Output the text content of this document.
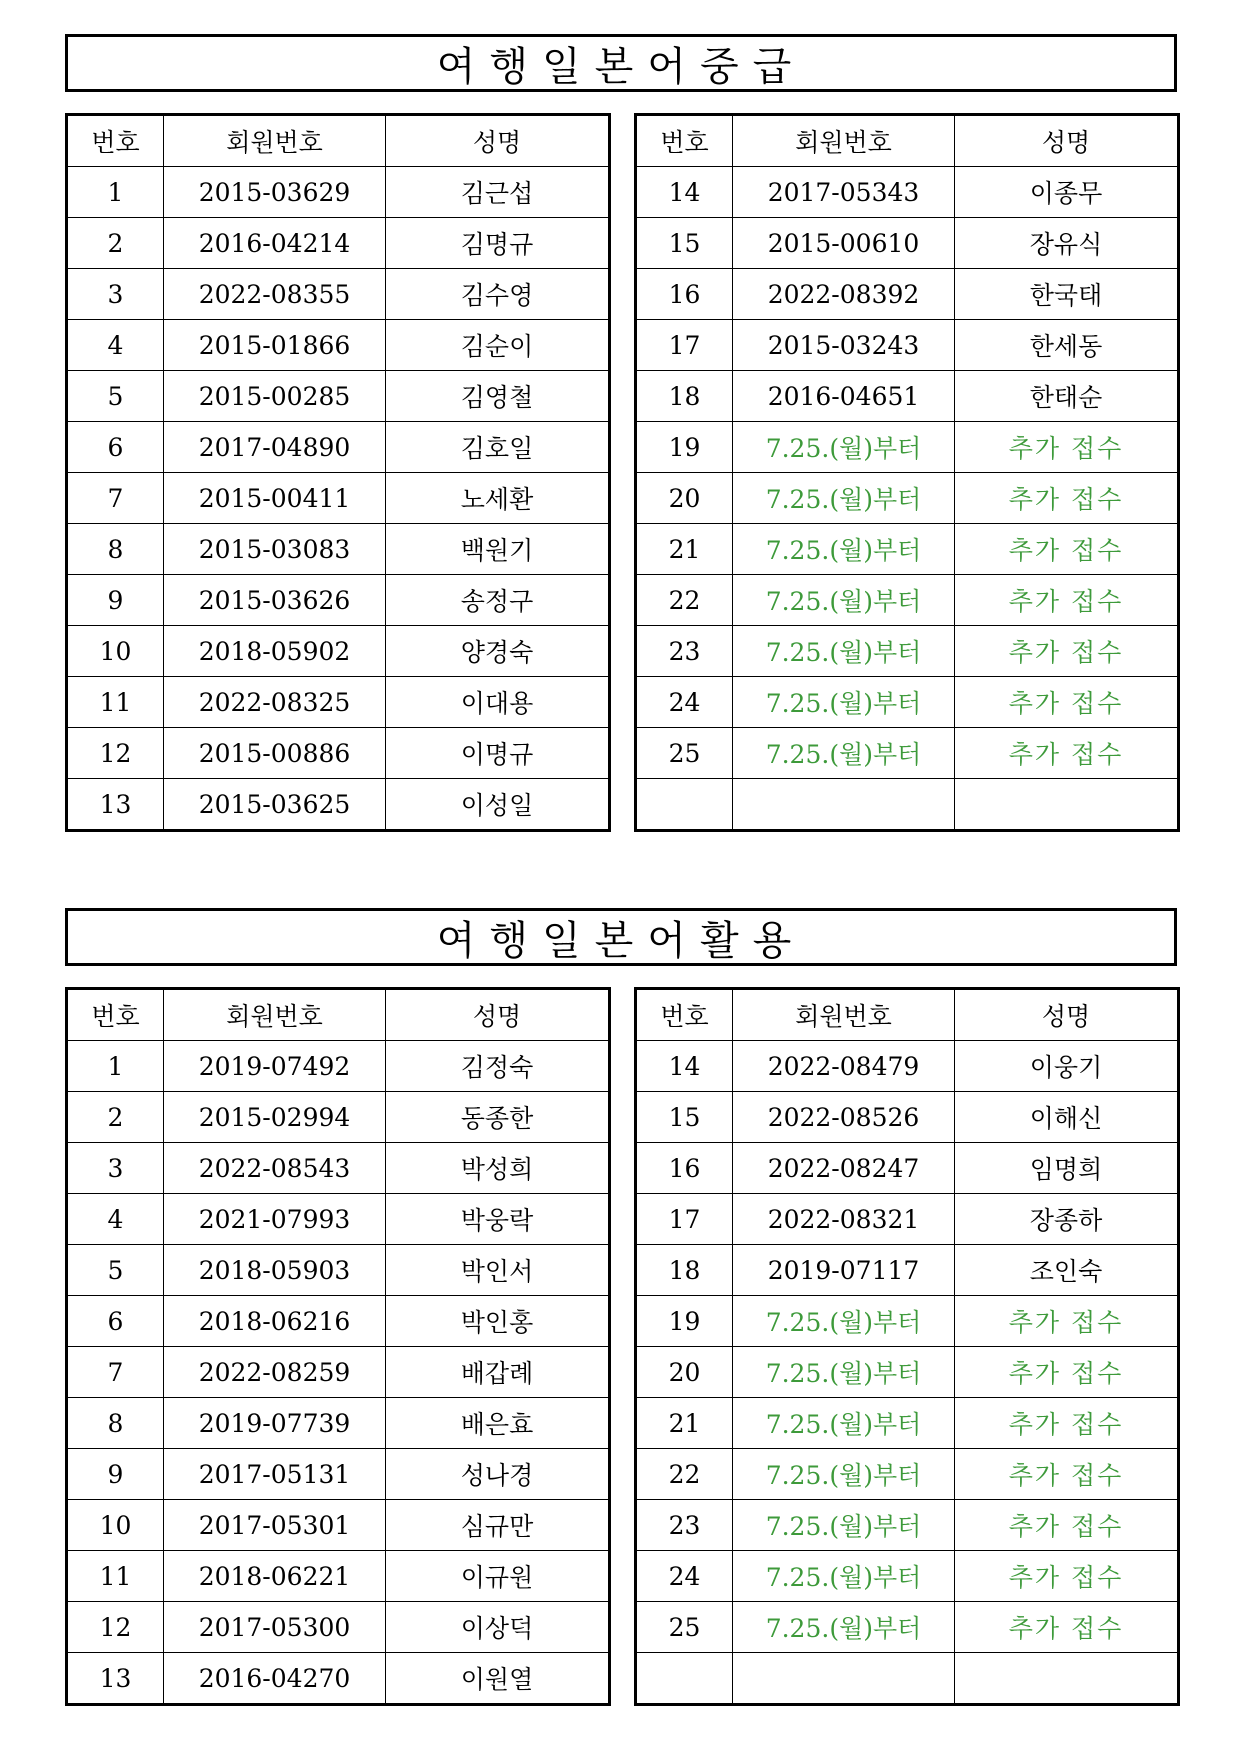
여행일본어중급
번호	회원번호	성명
1	2015-03629	김근섭
2	2016-04214	김명규
3	2022-08355	김수영
4	2015-01866	김순이
5	2015-00285	김영철
6	2017-04890	김호일
7	2015-00411	노세환
8	2015-03083	백원기
9	2015-03626	송정구
10	2018-05902	양경숙
11	2022-08325	이대용
12	2015-00886	이명규
13	2015-03625	이성일
번호	회원번호	성명
14	2017-05343	이종무
15	2015-00610	장유식
16	2022-08392	한국태
17	2015-03243	한세동
18	2016-04651	한태순
19	7.25.(월)부터	추가 접수
20	7.25.(월)부터	추가 접수
21	7.25.(월)부터	추가 접수
22	7.25.(월)부터	추가 접수
23	7.25.(월)부터	추가 접수
24	7.25.(월)부터	추가 접수
25	7.25.(월)부터	추가 접수

여행일본어활용
번호	회원번호	성명
1	2019-07492	김정숙
2	2015-02994	동종한
3	2022-08543	박성희
4	2021-07993	박웅락
5	2018-05903	박인서
6	2018-06216	박인홍
7	2022-08259	배갑례
8	2019-07739	배은효
9	2017-05131	성나경
10	2017-05301	심규만
11	2018-06221	이규원
12	2017-05300	이상덕
13	2016-04270	이원열
번호	회원번호	성명
14	2022-08479	이웅기
15	2022-08526	이해신
16	2022-08247	임명희
17	2022-08321	장종하
18	2019-07117	조인숙
19	7.25.(월)부터	추가 접수
20	7.25.(월)부터	추가 접수
21	7.25.(월)부터	추가 접수
22	7.25.(월)부터	추가 접수
23	7.25.(월)부터	추가 접수
24	7.25.(월)부터	추가 접수
25	7.25.(월)부터	추가 접수
